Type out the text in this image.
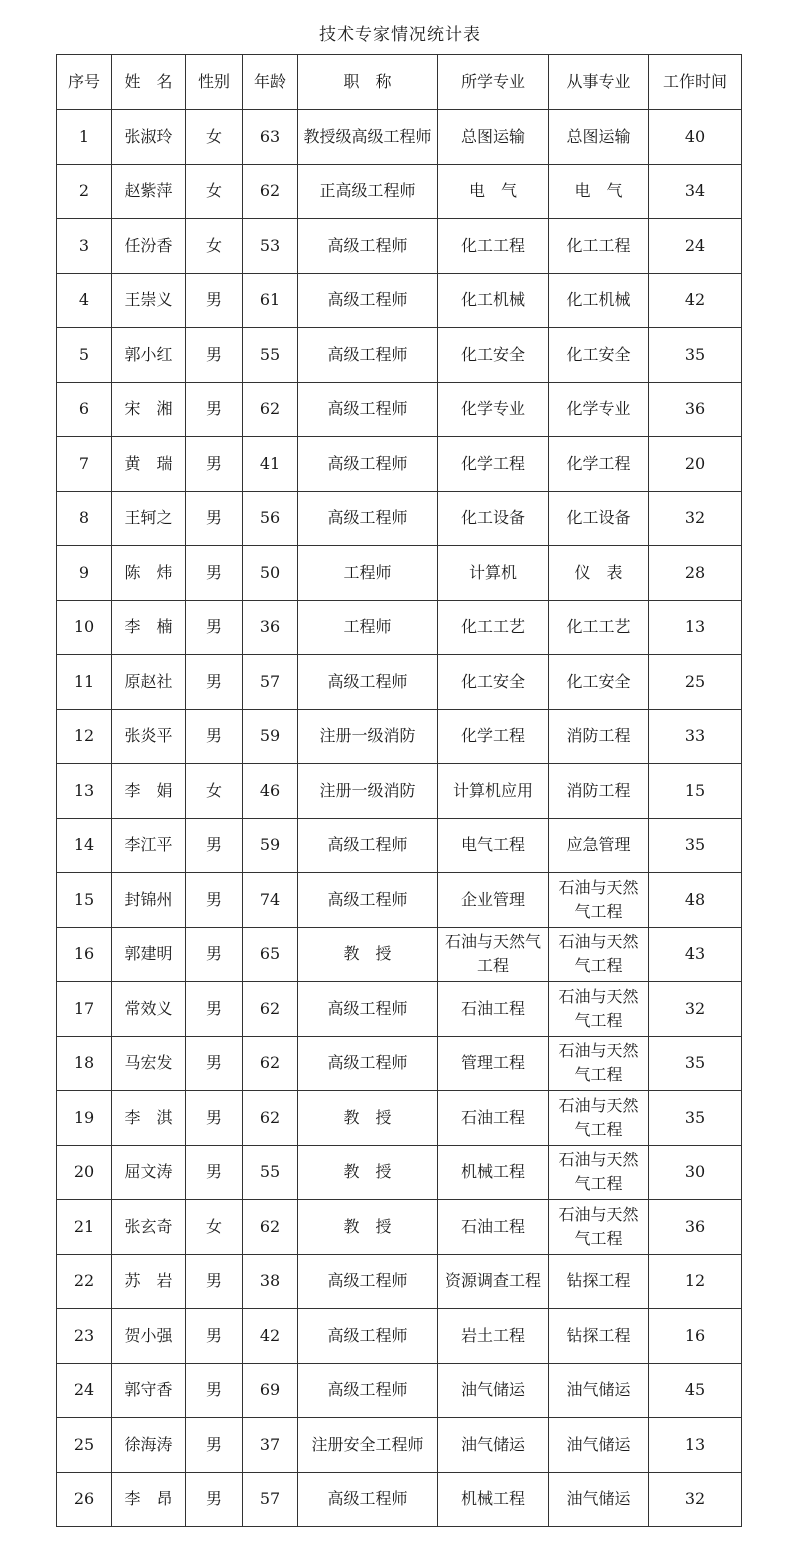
技术专家情况统计表
序号	姓　名	性别	年龄	职　称	所学专业	从事专业	工作时间
1	张淑玲	女	63	教授级高级工程师	总图运输	总图运输	40
2	赵紫萍	女	62	正高级工程师	电　气	电　气	34
3	任汾香	女	53	高级工程师	化工工程	化工工程	24
4	王崇义	男	61	高级工程师	化工机械	化工机械	42
5	郭小红	男	55	高级工程师	化工安全	化工安全	35
6	宋　湘	男	62	高级工程师	化学专业	化学专业	36
7	黄　瑞	男	41	高级工程师	化学工程	化学工程	20
8	王轲之	男	56	高级工程师	化工设备	化工设备	32
9	陈　炜	男	50	工程师	计算机	仪　表	28
10	李　楠	男	36	工程师	化工工艺	化工工艺	13
11	原赵社	男	57	高级工程师	化工安全	化工安全	25
12	张炎平	男	59	注册一级消防	化学工程	消防工程	33
13	李　娟	女	46	注册一级消防	计算机应用	消防工程	15
14	李江平	男	59	高级工程师	电气工程	应急管理	35
15	封锦州	男	74	高级工程师	企业管理	石油与天然气工程	48
16	郭建明	男	65	教　授	石油与天然气工程	石油与天然气工程	43
17	常效义	男	62	高级工程师	石油工程	石油与天然气工程	32
18	马宏发	男	62	高级工程师	管理工程	石油与天然气工程	35
19	李　淇	男	62	教　授	石油工程	石油与天然气工程	35
20	屈文涛	男	55	教　授	机械工程	石油与天然气工程	30
21	张玄奇	女	62	教　授	石油工程	石油与天然气工程	36
22	苏　岩	男	38	高级工程师	资源调查工程	钻探工程	12
23	贺小强	男	42	高级工程师	岩土工程	钻探工程	16
24	郭守香	男	69	高级工程师	油气储运	油气储运	45
25	徐海涛	男	37	注册安全工程师	油气储运	油气储运	13
26	李　昂	男	57	高级工程师	机械工程	油气储运	32
